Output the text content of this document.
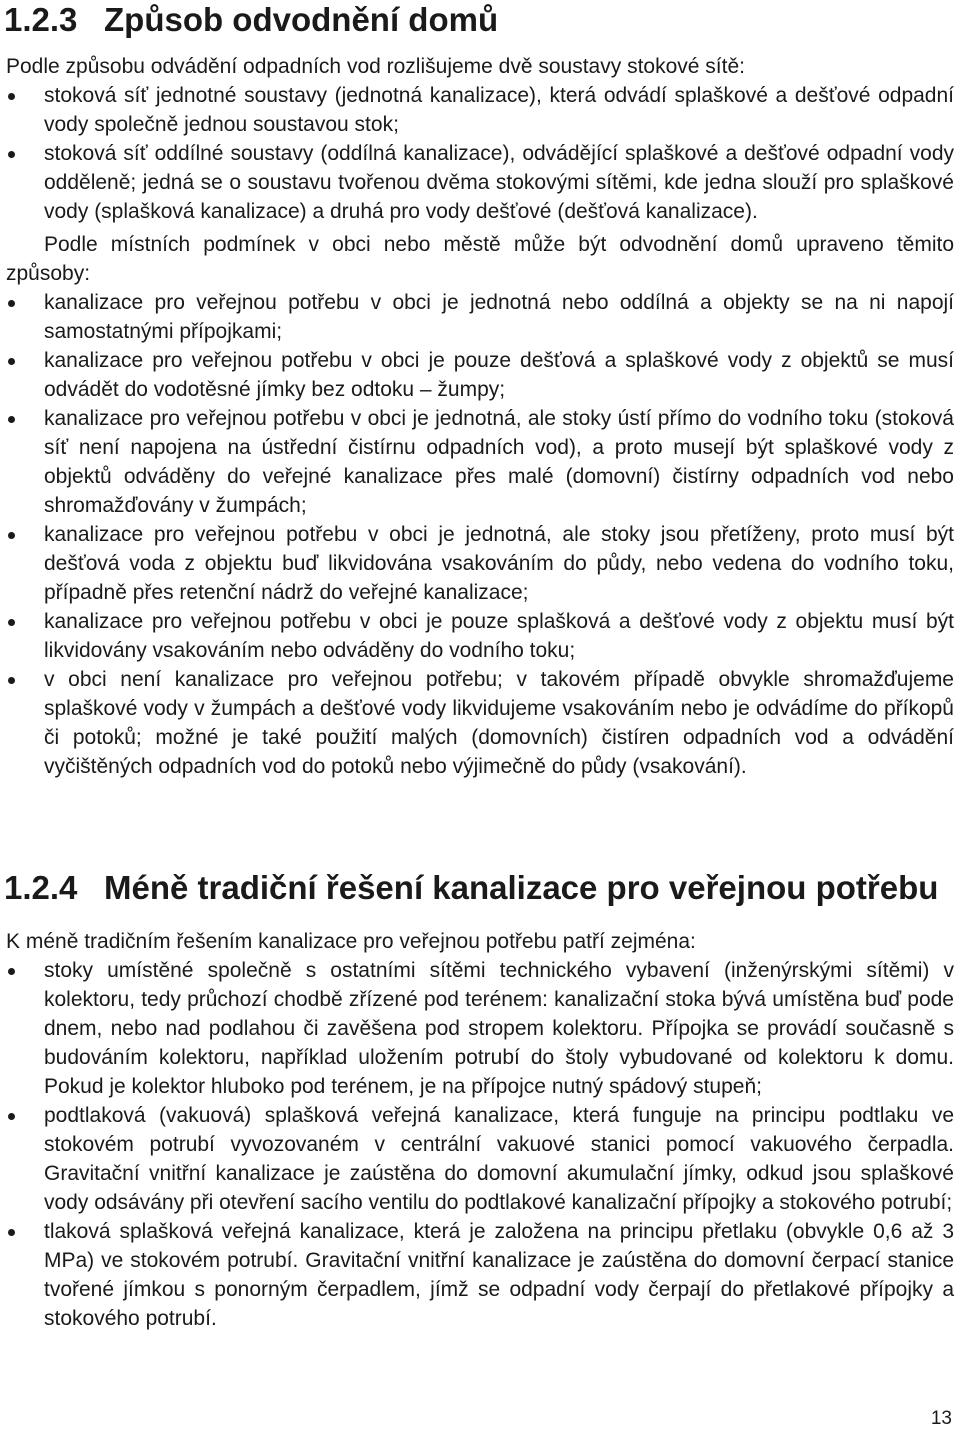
1.2.3 Způsob odvodnění domů

Podle způsobu odvádění odpadních vod rozlišujeme dvě soustavy stokové sítě:

stoková síť jednotné soustavy (jednotná kanalizace), která odvádí splaškové a dešťové odpadní vody společně jednou soustavou stok;
stoková síť oddílné soustavy (oddílná kanalizace), odvádějící splaškové a dešťové odpadní vody odděleně; jedná se o soustavu tvořenou dvěma stokovými sítěmi, kde jedna slouží pro splaškové vody (splašková kanalizace) a druhá pro vody dešťové (dešťová kanalizace).

Podle místních podmínek v obci nebo městě může být odvodnění domů upraveno těmito způsoby:

kanalizace pro veřejnou potřebu v obci je jednotná nebo oddílná a objekty se na ni napojí samostatnými přípojkami;
kanalizace pro veřejnou potřebu v obci je pouze dešťová a splaškové vody z objektů se musí odvádět do vodotěsné jímky bez odtoku – žumpy;
kanalizace pro veřejnou potřebu v obci je jednotná, ale stoky ústí přímo do vodního toku (stoková síť není napojena na ústřední čistírnu odpadních vod), a proto musejí být splaškové vody z objektů odváděny do veřejné kanalizace přes malé (domovní) čistírny odpadních vod nebo shromažďovány v žumpách;
kanalizace pro veřejnou potřebu v obci je jednotná, ale stoky jsou přetíženy, proto musí být dešťová voda z objektu buď likvidována vsakováním do půdy, nebo vedena do vodního toku, případně přes retenční nádrž do veřejné kanalizace;
kanalizace pro veřejnou potřebu v obci je pouze splašková a dešťové vody z objektu musí být likvidovány vsakováním nebo odváděny do vodního toku;
v obci není kanalizace pro veřejnou potřebu; v takovém případě obvykle shromažďujeme splaškové vody v žumpách a dešťové vody likvidujeme vsakováním nebo je odvádíme do příkopů či potoků; možné je také použití malých (domovních) čistíren odpadních vod a odvádění vyčištěných odpadních vod do potoků nebo výjimečně do půdy (vsakování).
1.2.4 Méně tradiční řešení kanalizace pro veřejnou potřebu

K méně tradičním řešením kanalizace pro veřejnou potřebu patří zejména:

stoky umístěné společně s ostatními sítěmi technického vybavení (inženýrskými sítěmi) v kolektoru, tedy průchozí chodbě zřízené pod terénem: kanalizační stoka bývá umístěna buď pode dnem, nebo nad podlahou či zavěšena pod stropem kolektoru. Přípojka se provádí současně s budováním kolektoru, například uložením potrubí do štoly vybudované od kolektoru k domu. Pokud je kolektor hluboko pod terénem, je na přípojce nutný spádový stupeň;
podtlaková (vakuová) splašková veřejná kanalizace, která funguje na principu podtlaku ve stokovém potrubí vyvozovaném v centrální vakuové stanici pomocí vakuového čerpadla. Gravitační vnitřní kanalizace je zaústěna do domovní akumulační jímky, odkud jsou splaškové vody odsávány při otevření sacího ventilu do podtlakové kanalizační přípojky a stokového potrubí;
tlaková splašková veřejná kanalizace, která je založena na principu přetlaku (obvykle 0,6 až 3 MPa) ve stokovém potrubí. Gravitační vnitřní kanalizace je zaústěna do domovní čerpací stanice tvořené jímkou s ponorným čerpadlem, jímž se odpadní vody čerpají do přetlakové přípojky a stokového potrubí.
13
